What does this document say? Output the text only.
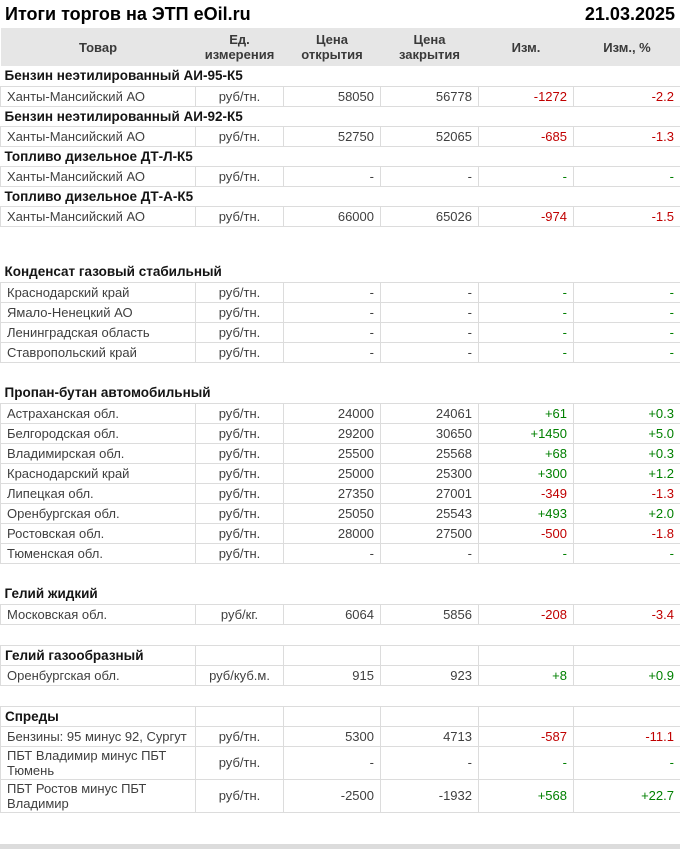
Итоги торгов на ЭТП eOil.ru	21.03.2025
Товар	Ед. измерения	Цена открытия	Цена закрытия	Изм.	Изм., %
Бензин неэтилированный АИ-95-К5					
Ханты-Мансийский АО	руб/тн.	58050	56778	-1272	-2.2
Бензин неэтилированный АИ-92-К5					
Ханты-Мансийский АО	руб/тн.	52750	52065	-685	-1.3
Топливо дизельное ДТ-Л-К5					
Ханты-Мансийский АО	руб/тн.	-	-	-	-
Топливо дизельное ДТ-А-К5					
Ханты-Мансийский АО	руб/тн.	66000	65026	-974	-1.5

Конденсат газовый стабильный					
Краснодарский край	руб/тн.	-	-	-	-
Ямало-Ненецкий АО	руб/тн.	-	-	-	-
Ленинградская область	руб/тн.	-	-	-	-
Ставропольский край	руб/тн.	-	-	-	-

Пропан-бутан автомобильный					
Астраханская обл.	руб/тн.	24000	24061	+61	+0.3
Белгородская обл.	руб/тн.	29200	30650	+1450	+5.0
Владимирская обл.	руб/тн.	25500	25568	+68	+0.3
Краснодарский край	руб/тн.	25000	25300	+300	+1.2
Липецкая обл.	руб/тн.	27350	27001	-349	-1.3
Оренбургская обл.	руб/тн.	25050	25543	+493	+2.0
Ростовская обл.	руб/тн.	28000	27500	-500	-1.8
Тюменская обл.	руб/тн.	-	-	-	-

Гелий жидкий					
Московская обл.	руб/кг.	6064	5856	-208	-3.4

Гелий газообразный					
Оренбургская обл.	руб/куб.м.	915	923	+8	+0.9

Спреды					
Бензины: 95 минус 92, Сургут	руб/тн.	5300	4713	-587	-11.1
ПБТ Владимир минус ПБТ Тюмень	руб/тн.	-	-	-	-
ПБТ Ростов минус ПБТ Владимир	руб/тн.	-2500	-1932	+568	+22.7
